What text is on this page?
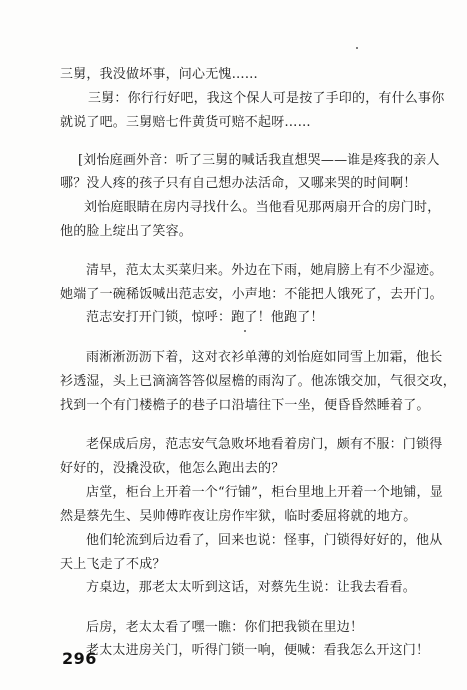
三舅，我没做坏事，问心无愧……
三舅：你行行好吧，我这个保人可是按了手印的，有什么事你
就说了吧。三舅赔七件黄货可赔不起呀……
[刘怡庭画外音：听了三舅的喊话我直想哭——谁是疼我的亲人
哪？没人疼的孩子只有自己想办法活命，又哪来哭的时间啊！
刘怡庭眼睛在房内寻找什么。当他看见那两扇开合的房门时，
他的脸上绽出了笑容。
清早，范太太买菜归来。外边在下雨，她肩膀上有不少湿迹。
她端了一碗稀饭喊出范志安，小声地：不能把人饿死了，去开门。
范志安打开门锁，惊呼：跑了！他跑了！
雨淅淅沥沥下着，这对衣衫单薄的刘怡庭如同雪上加霜，他长
衫透湿，头上已滴滴答答似屋檐的雨沟了。他冻饿交加，气很交攻，
找到一个有门楼檐子的巷子口沿墙往下一坐，便昏昏然睡着了。
老保成后房，范志安气急败坏地看着房门，颇有不服：门锁得
好好的，没撬没砍，他怎么跑出去的？
店堂，柜台上开着一个“行铺”，柜台里地上开着一个地铺，显
然是蔡先生、吴帅傅昨夜让房作牢狱，临时委屈将就的地方。
他们轮流到后边看了，回来也说：怪事，门锁得好好的，他从
天上飞走了不成？
方桌边，那老太太听到这话，对蔡先生说：让我去看看。
后房，老太太看了嘿一瞧：你们把我锁在里边！
老太太进房关门，听得门锁一响，便喊：看我怎么开这门！
296
